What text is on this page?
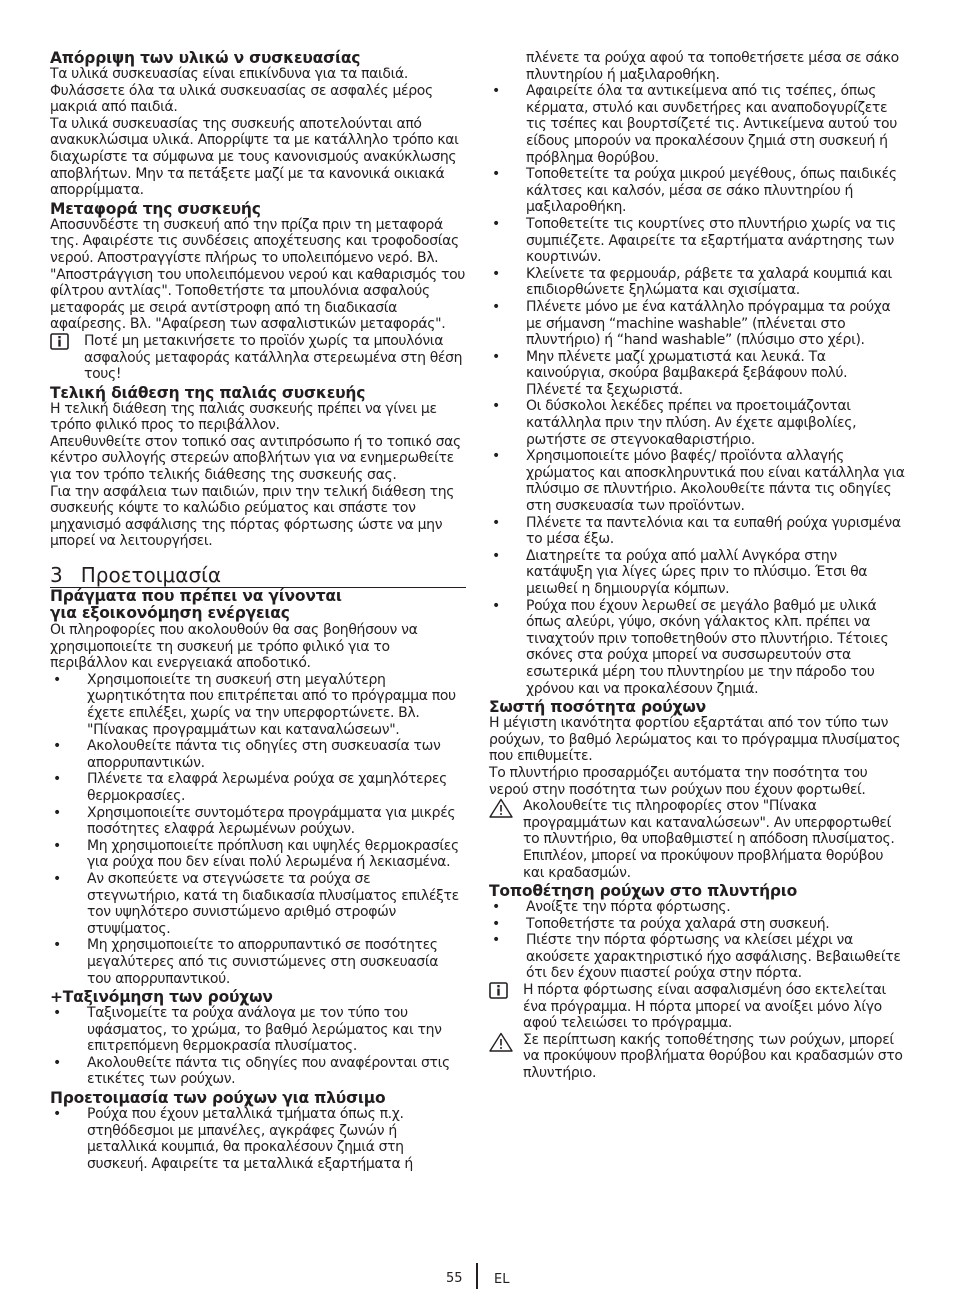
Απόρριψη των υλικώ ν συσκευασίας

Τα υλικά συσκευασίας είναι επικίνδυνα για τα παιδιά. Φυλάσσετε όλα τα υλικά συσκευασίας σε ασφαλές μέρος μακριά από παιδιά.

Τα υλικά συσκευασίας της συσκευής αποτελούνται από ανακυκλώσιμα υλικά. Απορρίψτε τα με κατάλληλο τρόπο και διαχωρίστε τα σύμφωνα με τους κανονισμούς ανακύκλωσης αποβλήτων. Μην τα πετάξετε μαζί με τα κανονικά οικιακά απορρίμματα.

Μεταφορά της συσκευής

Αποσυνδέστε τη συσκευή από την πρίζα πριν τη μεταφορά της. Αφαιρέστε τις συνδέσεις αποχέτευσης και τροφοδοσίας νερού. Αποστραγγίστε πλήρως το υπολειπόμενο νερό. Βλ. "Αποστράγγιση του υπολειπόμενου νερού και καθαρισμός του φίλτρου αντλίας". Τοποθετήστε τα μπουλόνια ασφαλούς μεταφοράς με σειρά αντίστροφη από τη διαδικασία αφαίρεσης. Βλ. "Αφαίρεση των ασφαλιστικών μεταφοράς".

Ποτέ μη μετακινήσετε το προϊόν χωρίς τα μπουλόνια ασφαλούς μεταφοράς κατάλληλα στερεωμένα στη θέση τους!
Τελική διάθεση της παλιάς συσκευής

Η τελική διάθεση της παλιάς συσκευής πρέπει να γίνει με τρόπο φιλικό προς το περιβάλλον.

Απευθυνθείτε στον τοπικό σας αντιπρόσωπο ή το τοπικό σας κέντρο συλλογής στερεών αποβλήτων για να ενημερωθείτε για τον τρόπο τελικής διάθεσης της συσκευής σας.

Για την ασφάλεια των παιδιών, πριν την τελική διάθεση της συσκευής κόψτε το καλώδιο ρεύματος και σπάστε τον μηχανισμό ασφάλισης της πόρτας φόρτωσης ώστε να μην μπορεί να λειτουργήσει.

3 Προετοιμασία
Πράγματα που πρέπει να γίνονται
για εξοικονόμηση ενέργειας

Οι πληροφορίες που ακολουθούν θα σας βοηθήσουν να χρησιμοποιείτε τη συσκευή με τρόπο φιλικό για το περιβάλλον και ενεργειακά αποδοτικό.

• Χρησιμοποιείτε τη συσκευή στη μεγαλύτερη χωρητικότητα που επιτρέπεται από το πρόγραμμα που έχετε επιλέξει, χωρίς να την υπερφορτώνετε. Βλ. "Πίνακας προγραμμάτων και καταναλώσεων".
• Ακολουθείτε πάντα τις οδηγίες στη συσκευασία των απορρυπαντικών.
• Πλένετε τα ελαφρά λερωμένα ρούχα σε χαμηλότερες θερμοκρασίες.
• Χρησιμοποιείτε συντομότερα προγράμματα για μικρές ποσότητες ελαφρά λερωμένων ρούχων.
• Μη χρησιμοποιείτε πρόπλυση και υψηλές θερμοκρασίες για ρούχα που δεν είναι πολύ λερωμένα ή λεκιασμένα.
• Αν σκοπεύετε να στεγνώσετε τα ρούχα σε στεγνωτήριο, κατά τη διαδικασία πλυσίματος επιλέξτε τον υψηλότερο συνιστώμενο αριθμό στροφών στυψίματος.
• Μη χρησιμοποιείτε το απορρυπαντικό σε ποσότητες μεγαλύτερες από τις συνιστώμενες στη συσκευασία του απορρυπαντικού.
+Ταξινόμηση των ρούχων
• Ταξινομείτε τα ρούχα ανάλογα με τον τύπο του υφάσματος, το χρώμα, το βαθμό λερώματος και την επιτρεπόμενη θερμοκρασία πλυσίματος.
• Ακολουθείτε πάντα τις οδηγίες που αναφέρονται στις ετικέτες των ρούχων.
Προετοιμασία των ρούχων για πλύσιμο
• Ρούχα που έχουν μεταλλικά τμήματα όπως π.χ. στηθόδεσμοι με μπανέλες, αγκράφες ζωνών ή μεταλλικά κουμπιά, θα προκαλέσουν ζημιά στη συσκευή. Αφαιρείτε τα μεταλλικά εξαρτήματα ή

πλένετε τα ρούχα αφού τα τοποθετήσετε μέσα σε σάκο πλυντηρίου ή μαξιλαροθήκη.

• Αφαιρείτε όλα τα αντικείμενα από τις τσέπες, όπως κέρματα, στυλό και συνδετήρες και αναποδογυρίζετε τις τσέπες και βουρτσίζετέ τις. Αντικείμενα αυτού του είδους μπορούν να προκαλέσουν ζημιά στη συσκευή ή πρόβλημα θορύβου.
• Τοποθετείτε τα ρούχα μικρού μεγέθους, όπως παιδικές κάλτσες και καλσόν, μέσα σε σάκο πλυντηρίου ή μαξιλαροθήκη.
• Τοποθετείτε τις κουρτίνες στο πλυντήριο χωρίς να τις συμπιέζετε. Αφαιρείτε τα εξαρτήματα ανάρτησης των κουρτινών.
• Κλείνετε τα φερμουάρ, ράβετε τα χαλαρά κουμπιά και επιδιορθώνετε ξηλώματα και σχισίματα.
• Πλένετε μόνο με ένα κατάλληλο πρόγραμμα τα ρούχα με σήμανση “machine washable” (πλένεται στο πλυντήριο) ή “hand washable” (πλύσιμο στο χέρι).
• Μην πλένετε μαζί χρωματιστά και λευκά. Τα καινούργια, σκούρα βαμβακερά ξεβάφουν πολύ. Πλένετέ τα ξεχωριστά.
• Οι δύσκολοι λεκέδες πρέπει να προετοιμάζονται κατάλληλα πριν την πλύση. Αν έχετε αμφιβολίες, ρωτήστε σε στεγνοκαθαριστήριο.
• Χρησιμοποιείτε μόνο βαφές/ προϊόντα αλλαγής χρώματος και αποσκληρυντικά που είναι κατάλληλα για πλύσιμο σε πλυντήριο. Ακολουθείτε πάντα τις οδηγίες στη συσκευασία των προϊόντων.
• Πλένετε τα παντελόνια και τα ευπαθή ρούχα γυρισμένα το μέσα έξω.
• Διατηρείτε τα ρούχα από μαλλί Ανγκόρα στην κατάψυξη για λίγες ώρες πριν το πλύσιμο. Έτσι θα μειωθεί η δημιουργία κόμπων.
• Ρούχα που έχουν λερωθεί σε μεγάλο βαθμό με υλικά όπως αλεύρι, γύψο, σκόνη γάλακτος κλπ. πρέπει να τιναχτούν πριν τοποθετηθούν στο πλυντήριο. Τέτοιες σκόνες στα ρούχα μπορεί να συσσωρευτούν στα εσωτερικά μέρη του πλυντηρίου με την πάροδο του χρόνου και να προκαλέσουν ζημιά.
Σωστή ποσότητα ρούχων

Η μέγιστη ικανότητα φορτίου εξαρτάται από τον τύπο των ρούχων, το βαθμό λερώματος και το πρόγραμμα πλυσίματος που επιθυμείτε.

Το πλυντήριο προσαρμόζει αυτόματα την ποσότητα του νερού στην ποσότητα των ρούχων που έχουν φορτωθεί.

Ακολουθείτε τις πληροφορίες στον "Πίνακα προγραμμάτων και καταναλώσεων". Αν υπερφορτωθεί το πλυντήριο, θα υποβαθμιστεί η απόδοση πλυσίματος. Επιπλέον, μπορεί να προκύψουν προβλήματα θορύβου και κραδασμών.
Τοποθέτηση ρούχων στο πλυντήριο
• Ανοίξτε την πόρτα φόρτωσης.
• Τοποθετήστε τα ρούχα χαλαρά στη συσκευή.
• Πιέστε την πόρτα φόρτωσης να κλείσει μέχρι να ακούσετε χαρακτηριστικό ήχο ασφάλισης. Βεβαιωθείτε ότι δεν έχουν πιαστεί ρούχα στην πόρτα.
Η πόρτα φόρτωσης είναι ασφαλισμένη όσο εκτελείται ένα πρόγραμμα. Η πόρτα μπορεί να ανοίξει μόνο λίγο αφού τελειώσει το πρόγραμμα.
Σε περίπτωση κακής τοποθέτησης των ρούχων, μπορεί να προκύψουν προβλήματα θορύβου και κραδασμών στο πλυντήριο.
55 EL
